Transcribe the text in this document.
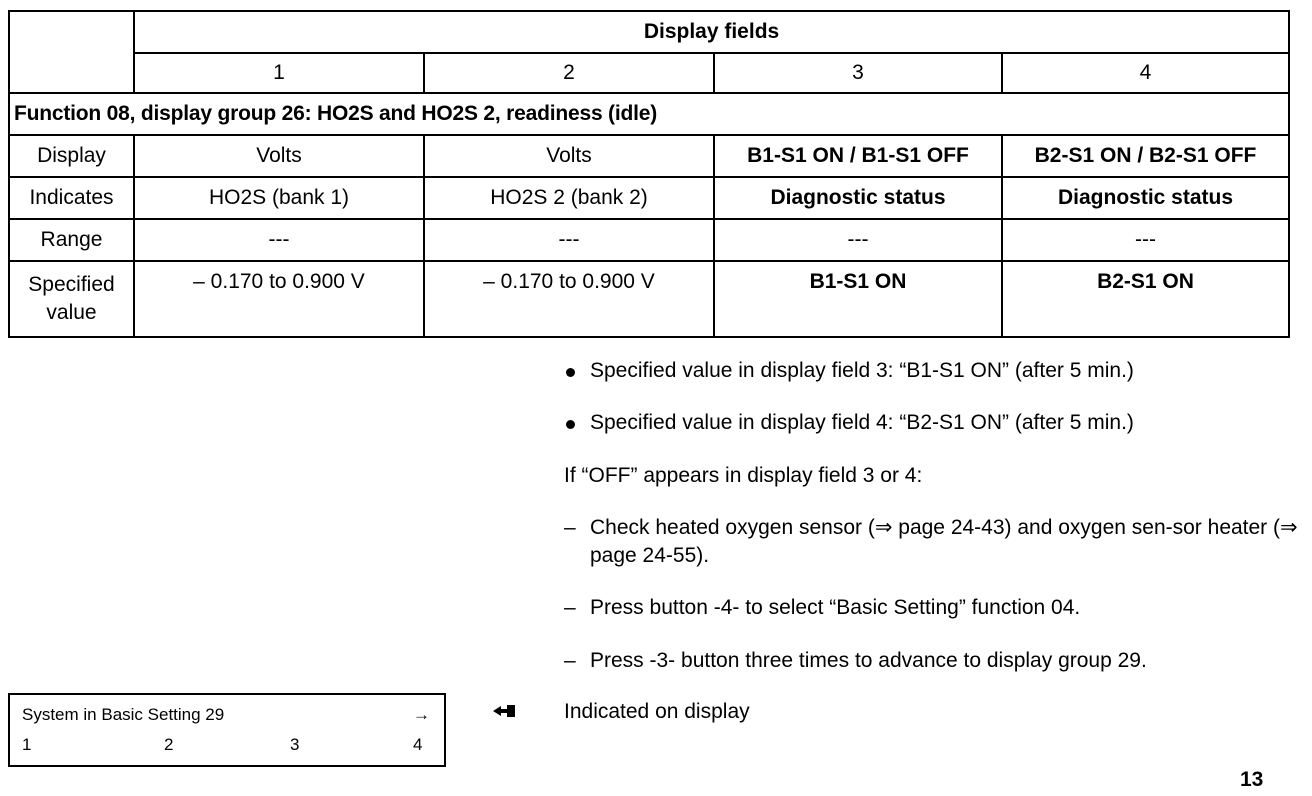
	Display fields			
	1	2	3	4
Function 08, display group 26: HO2S and HO2S 2, readiness (idle)				
Display	Volts	Volts	B1-S1 ON / B1-S1 OFF	B2-S1 ON / B2-S1 OFF
Indicates	HO2S (bank 1)	HO2S 2 (bank 2)	Diagnostic status	Diagnostic status
Range	---	---	---	---
Specified
value	– 0.170 to 0.900 V	– 0.170 to 0.900 V	B1-S1 ON	B2-S1 ON
Specified value in display field 3: “B1-S1 ON” (after 5 min.)
Specified value in display field 4: “B2-S1 ON” (after 5 min.)
If “OFF” appears in display field 3 or 4:
– Check heated oxygen sensor (⇒ page 24-43) and oxygen sen-sor heater (⇒ page 24-55).
– Press button -4- to select “Basic Setting” function 04.
– Press -3- button three times to advance to display group 29.
System in Basic Setting 29	→
1	2	3	4
Indicated on display
13
